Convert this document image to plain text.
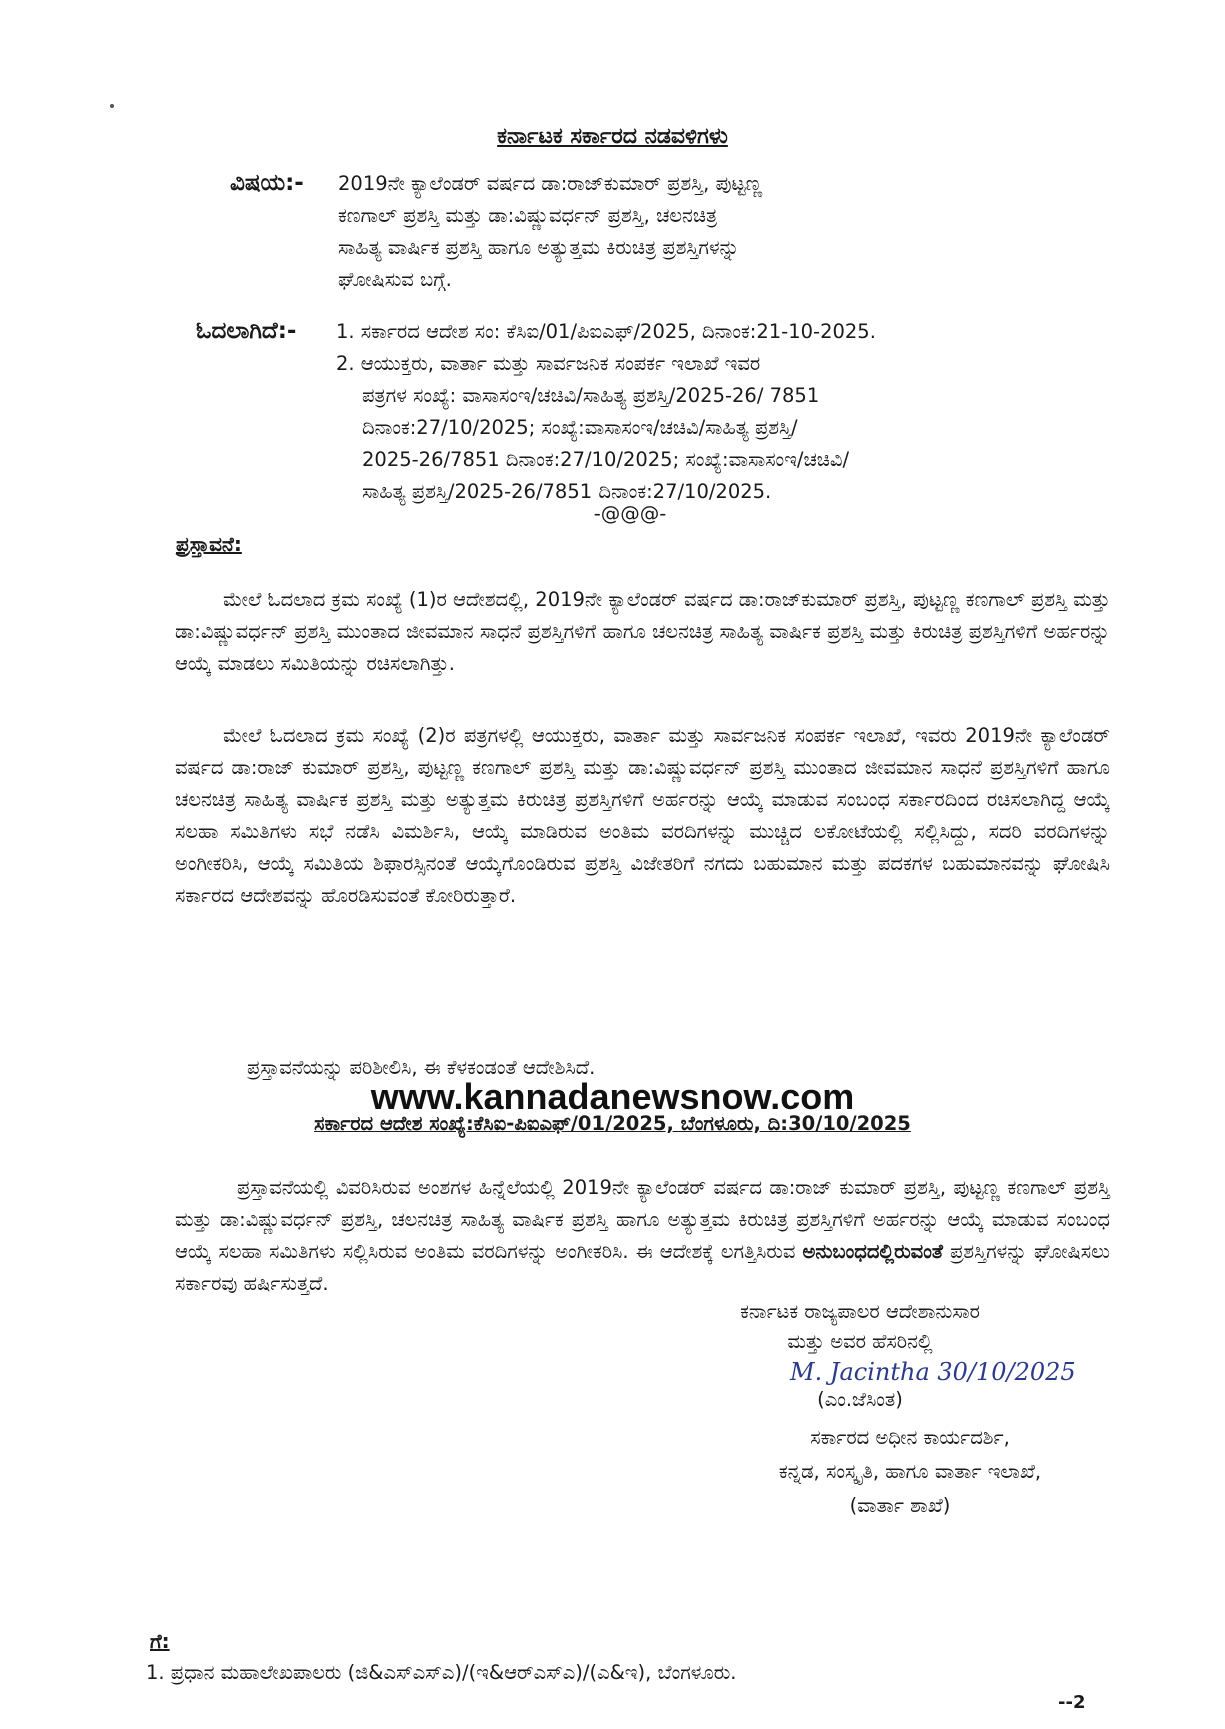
ಕರ್ನಾಟಕ ಸರ್ಕಾರದ ನಡವಳಿಗಳು
ವಿಷಯ:- 2019ನೇ ಕ್ಯಾಲೆಂಡರ್ ವರ್ಷದ ಡಾ:ರಾಜ್‌ಕುಮಾರ್ ಪ್ರಶಸ್ತಿ, ಪುಟ್ಟಣ್ಣ
ಕಣಗಾಲ್ ಪ್ರಶಸ್ತಿ ಮತ್ತು ಡಾ:ವಿಷ್ಣುವರ್ಧನ್ ಪ್ರಶಸ್ತಿ, ಚಲನಚಿತ್ರ
ಸಾಹಿತ್ಯ ವಾರ್ಷಿಕ ಪ್ರಶಸ್ತಿ ಹಾಗೂ ಅತ್ಯುತ್ತಮ ಕಿರುಚಿತ್ರ ಪ್ರಶಸ್ತಿಗಳನ್ನು
ಘೋಷಿಸುವ ಬಗ್ಗೆ.
ಓದಲಾಗಿದೆ:- 1. ಸರ್ಕಾರದ ಆದೇಶ ಸಂ: ಕೆಸಿಐ/01/ಪಿಐಎಫ್/2025, ದಿನಾಂಕ:21-10-2025.
2. ಆಯುಕ್ತರು, ವಾರ್ತಾ ಮತ್ತು ಸಾರ್ವಜನಿಕ ಸಂಪರ್ಕ ಇಲಾಖೆ ಇವರ
ಪತ್ರಗಳ ಸಂಖ್ಯೆ: ವಾಸಾಸಂಇ/ಚಚಿವಿ/ಸಾಹಿತ್ಯ ಪ್ರಶಸ್ತಿ/2025-26/ 7851
ದಿನಾಂಕ:27/10/2025; ಸಂಖ್ಯೆ:ವಾಸಾಸಂಇ/ಚಚಿವಿ/ಸಾಹಿತ್ಯ ಪ್ರಶಸ್ತಿ/
2025-26/7851 ದಿನಾಂಕ:27/10/2025; ಸಂಖ್ಯೆ:ವಾಸಾಸಂಇ/ಚಚಿವಿ/
ಸಾಹಿತ್ಯ ಪ್ರಶಸ್ತಿ/2025-26/7851 ದಿನಾಂಕ:27/10/2025.
-@@@-
ಪ್ರಸ್ತಾವನೆ:
ಮೇಲೆ ಓದಲಾದ ಕ್ರಮ ಸಂಖ್ಯೆ (1)ರ ಆದೇಶದಲ್ಲಿ, 2019ನೇ ಕ್ಯಾಲೆಂಡರ್ ವರ್ಷದ ಡಾ:ರಾಜ್‌ಕುಮಾರ್ ಪ್ರಶಸ್ತಿ, ಪುಟ್ಟಣ್ಣ ಕಣಗಾಲ್ ಪ್ರಶಸ್ತಿ ಮತ್ತು ಡಾ:ವಿಷ್ಣುವರ್ಧನ್ ಪ್ರಶಸ್ತಿ ಮುಂತಾದ ಜೀವಮಾನ ಸಾಧನೆ ಪ್ರಶಸ್ತಿಗಳಿಗೆ ಹಾಗೂ ಚಲನಚಿತ್ರ ಸಾಹಿತ್ಯ ವಾರ್ಷಿಕ ಪ್ರಶಸ್ತಿ ಮತ್ತು ಕಿರುಚಿತ್ರ ಪ್ರಶಸ್ತಿಗಳಿಗೆ ಅರ್ಹರನ್ನು ಆಯ್ಕೆ ಮಾಡಲು ಸಮಿತಿಯನ್ನು ರಚಿಸಲಾಗಿತ್ತು.
ಮೇಲೆ ಓದಲಾದ ಕ್ರಮ ಸಂಖ್ಯೆ (2)ರ ಪತ್ರಗಳಲ್ಲಿ ಆಯುಕ್ತರು, ವಾರ್ತಾ ಮತ್ತು ಸಾರ್ವಜನಿಕ ಸಂಪರ್ಕ ಇಲಾಖೆ, ಇವರು 2019ನೇ ಕ್ಯಾಲೆಂಡರ್ ವರ್ಷದ ಡಾ:ರಾಜ್ ಕುಮಾರ್ ಪ್ರಶಸ್ತಿ, ಪುಟ್ಟಣ್ಣ ಕಣಗಾಲ್ ಪ್ರಶಸ್ತಿ ಮತ್ತು ಡಾ:ವಿಷ್ಣುವರ್ಧನ್ ಪ್ರಶಸ್ತಿ ಮುಂತಾದ ಜೀವಮಾನ ಸಾಧನೆ ಪ್ರಶಸ್ತಿಗಳಿಗೆ ಹಾಗೂ ಚಲನಚಿತ್ರ ಸಾಹಿತ್ಯ ವಾರ್ಷಿಕ ಪ್ರಶಸ್ತಿ ಮತ್ತು ಅತ್ಯುತ್ತಮ ಕಿರುಚಿತ್ರ ಪ್ರಶಸ್ತಿಗಳಿಗೆ ಅರ್ಹರನ್ನು ಆಯ್ಕೆ ಮಾಡುವ ಸಂಬಂಧ ಸರ್ಕಾರದಿಂದ ರಚಿಸಲಾಗಿದ್ದ ಆಯ್ಕೆ ಸಲಹಾ ಸಮಿತಿಗಳು ಸಭೆ ನಡೆಸಿ ವಿಮರ್ಶಿಸಿ, ಆಯ್ಕೆ ಮಾಡಿರುವ ಅಂತಿಮ ವರದಿಗಳನ್ನು ಮುಚ್ಚಿದ ಲಕೋಟೆಯಲ್ಲಿ ಸಲ್ಲಿಸಿದ್ದು, ಸದರಿ ವರದಿಗಳನ್ನು ಅಂಗೀಕರಿಸಿ, ಆಯ್ಕೆ ಸಮಿತಿಯ ಶಿಫಾರಸ್ಸಿನಂತೆ ಆಯ್ಕೆಗೊಂಡಿರುವ ಪ್ರಶಸ್ತಿ ವಿಜೇತರಿಗೆ ನಗದು ಬಹುಮಾನ ಮತ್ತು ಪದಕಗಳ ಬಹುಮಾನವನ್ನು ಘೋಷಿಸಿ ಸರ್ಕಾರದ ಆದೇಶವನ್ನು ಹೊರಡಿಸುವಂತೆ ಕೋರಿರುತ್ತಾರೆ.
ಪ್ರಸ್ತಾವನೆಯನ್ನು ಪರಿಶೀಲಿಸಿ, ಈ ಕೆಳಕಂಡಂತೆ ಆದೇಶಿಸಿದೆ.
www.kannadanewsnow.com
ಸರ್ಕಾರದ ಆದೇಶ ಸಂಖ್ಯೆ:ಕೆಸಿಐ-ಪಿಐಎಫ್/01/2025, ಬೆಂಗಳೂರು, ದಿ:30/10/2025
ಪ್ರಸ್ತಾವನೆಯಲ್ಲಿ ವಿವರಿಸಿರುವ ಅಂಶಗಳ ಹಿನ್ನೆಲೆಯಲ್ಲಿ 2019ನೇ ಕ್ಯಾಲೆಂಡರ್ ವರ್ಷದ ಡಾ:ರಾಜ್ ಕುಮಾರ್ ಪ್ರಶಸ್ತಿ, ಪುಟ್ಟಣ್ಣ ಕಣಗಾಲ್ ಪ್ರಶಸ್ತಿ ಮತ್ತು ಡಾ:ವಿಷ್ಣುವರ್ಧನ್ ಪ್ರಶಸ್ತಿ, ಚಲನಚಿತ್ರ ಸಾಹಿತ್ಯ ವಾರ್ಷಿಕ ಪ್ರಶಸ್ತಿ ಹಾಗೂ ಅತ್ಯುತ್ತಮ ಕಿರುಚಿತ್ರ ಪ್ರಶಸ್ತಿಗಳಿಗೆ ಅರ್ಹರನ್ನು ಆಯ್ಕೆ ಮಾಡುವ ಸಂಬಂಧ ಆಯ್ಕೆ ಸಲಹಾ ಸಮಿತಿಗಳು ಸಲ್ಲಿಸಿರುವ ಅಂತಿಮ ವರದಿಗಳನ್ನು ಅಂಗೀಕರಿಸಿ. ಈ ಆದೇಶಕ್ಕೆ ಲಗತ್ತಿಸಿರುವ ಅನುಬಂಧದಲ್ಲಿರುವಂತೆ ಪ್ರಶಸ್ತಿಗಳನ್ನು ಘೋಷಿಸಲು ಸರ್ಕಾರವು ಹರ್ಷಿಸುತ್ತದೆ.
ಕರ್ನಾಟಕ ರಾಜ್ಯಪಾಲರ ಆದೇಶಾನುಸಾರ
ಮತ್ತು ಅವರ ಹೆಸರಿನಲ್ಲಿ
M. Jacintha 30/10/2025
(ಎಂ.ಜೆಸಿಂತ)
ಸರ್ಕಾರದ ಅಧೀನ ಕಾರ್ಯದರ್ಶಿ,
ಕನ್ನಡ, ಸಂಸ್ಕೃತಿ, ಹಾಗೂ ವಾರ್ತಾ ಇಲಾಖೆ,
(ವಾರ್ತಾ ಶಾಖೆ)
ಗೆ:
1. ಪ್ರಧಾನ ಮಹಾಲೇಖಪಾಲರು (ಜಿ&ಎಸ್‌ಎಸ್‌ಎ)/(ಇ&ಆರ್‌ಎಸ್‌ಎ)/(ಎ&ಇ), ಬೆಂಗಳೂರು.
--2
